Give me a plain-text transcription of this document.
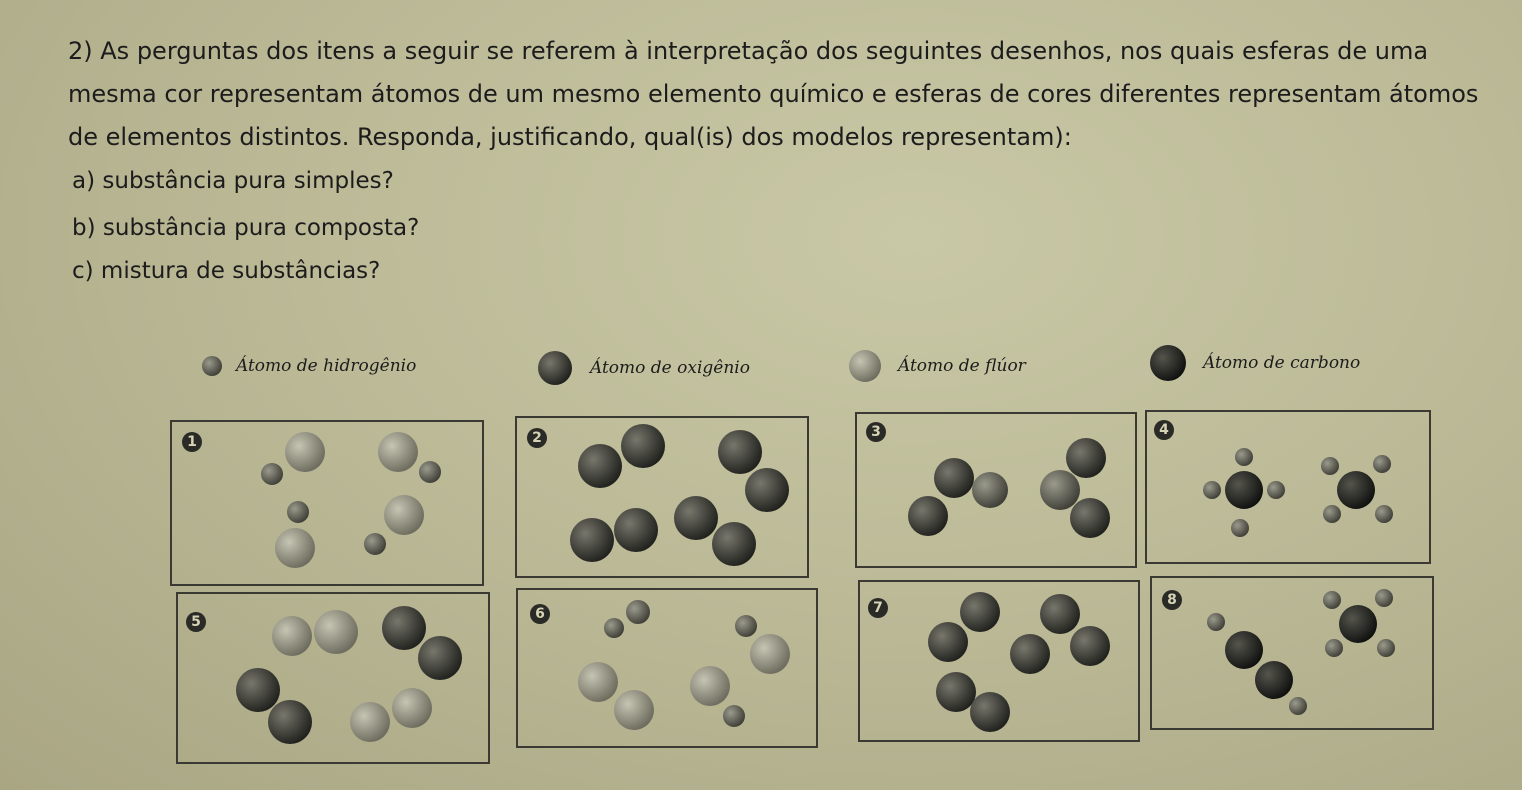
2) As perguntas dos itens a seguir se referem à interpretação dos seguintes desenhos, nos quais esferas de uma
mesma cor representam átomos de um mesmo elemento químico e esferas de cores diferentes representam átomos
de elementos distintos. Responda, justificando, qual(is) dos modelos representam):
a) substância pura simples?
b) substância pura composta?
c) mistura de substâncias?
Átomo de hidrogênio	Átomo de oxigênio	Átomo de flúor	Átomo de carbono
1	2	3	4
5	6	7	8
